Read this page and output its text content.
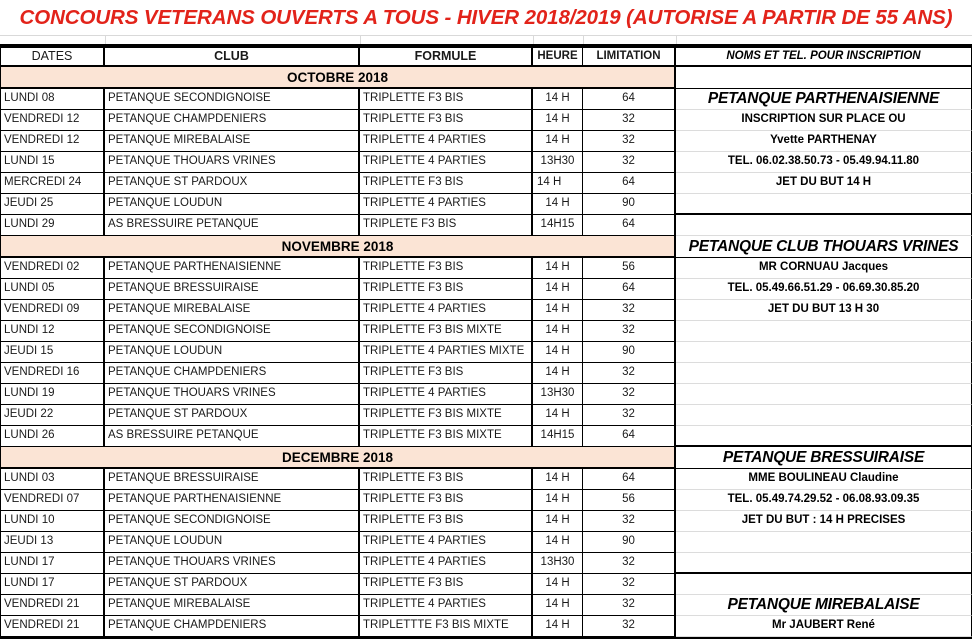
CONCOURS VETERANS OUVERTS A TOUS - HIVER 2018/2019 (AUTORISE A PARTIR DE 55 ANS)
DATES	CLUB	FORMULE	HEURE	LIMITATION	NOMS ET TEL. POUR INSCRIPTION
OCTOBRE 2018
LUNDI 08	PETANQUE SECONDIGNOISE	TRIPLETTE F3 BIS	14 H	64	PETANQUE PARTHENAISIENNE
VENDREDI 12	PETANQUE CHAMPDENIERS	TRIPLETTE F3 BIS	14 H	32	INSCRIPTION SUR PLACE OU
VENDREDI 12	PETANQUE MIREBALAISE	TRIPLETTE 4 PARTIES	14 H	32	Yvette PARTHENAY
LUNDI 15	PETANQUE THOUARS VRINES	TRIPLETTE 4 PARTIES	13H30	32	TEL. 06.02.38.50.73 - 05.49.94.11.80
MERCREDI 24	PETANQUE ST PARDOUX	TRIPLETTE F3 BIS	14 H	64	JET DU BUT 14 H
JEUDI 25	PETANQUE LOUDUN	TRIPLETTE 4 PARTIES	14 H	90
LUNDI 29	AS BRESSUIRE PETANQUE	TRIPLETE F3 BIS	14H15	64
NOVEMBRE 2018	PETANQUE CLUB THOUARS VRINES
VENDREDI 02	PETANQUE PARTHENAISIENNE	TRIPLETTE F3 BIS	14 H	56	MR CORNUAU Jacques
LUNDI 05	PETANQUE BRESSUIRAISE	TRIPLETTE F3 BIS	14 H	64	TEL. 05.49.66.51.29 - 06.69.30.85.20
VENDREDI 09	PETANQUE MIREBALAISE	TRIPLETTE 4 PARTIES	14 H	32	JET DU BUT 13 H 30
LUNDI 12	PETANQUE SECONDIGNOISE	TRIPLETTE F3 BIS MIXTE	14 H	32
JEUDI 15	PETANQUE LOUDUN	TRIPLETTE 4 PARTIES MIXTE	14 H	90
VENDREDI 16	PETANQUE CHAMPDENIERS	TRIPLETTE F3 BIS	14 H	32
LUNDI 19	PETANQUE THOUARS VRINES	TRIPLETTE 4 PARTIES	13H30	32
JEUDI 22	PETANQUE ST PARDOUX	TRIPLETTE F3 BIS MIXTE	14 H	32
LUNDI 26	AS BRESSUIRE PETANQUE	TRIPLETTE F3 BIS MIXTE	14H15	64
DECEMBRE 2018	PETANQUE BRESSUIRAISE
LUNDI 03	PETANQUE BRESSUIRAISE	TRIPLETTE F3 BIS	14 H	64	MME BOULINEAU Claudine
VENDREDI 07	PETANQUE PARTHENAISIENNE	TRIPLETTE F3 BIS	14 H	56	TEL. 05.49.74.29.52 - 06.08.93.09.35
LUNDI 10	PETANQUE SECONDIGNOISE	TRIPLETTE F3 BIS	14 H	32	JET DU BUT : 14 H PRECISES
JEUDI 13	PETANQUE LOUDUN	TRIPLETTE 4 PARTIES	14 H	90
LUNDI 17	PETANQUE THOUARS VRINES	TRIPLETTE 4 PARTIES	13H30	32
LUNDI 17	PETANQUE ST PARDOUX	TRIPLETTE F3 BIS	14 H	32
VENDREDI 21	PETANQUE MIREBALAISE	TRIPLETTE 4 PARTIES	14 H	32	PETANQUE MIREBALAISE
VENDREDI 21	PETANQUE CHAMPDENIERS	TRIPLETTTE F3 BIS MIXTE	14 H	32	Mr JAUBERT René
